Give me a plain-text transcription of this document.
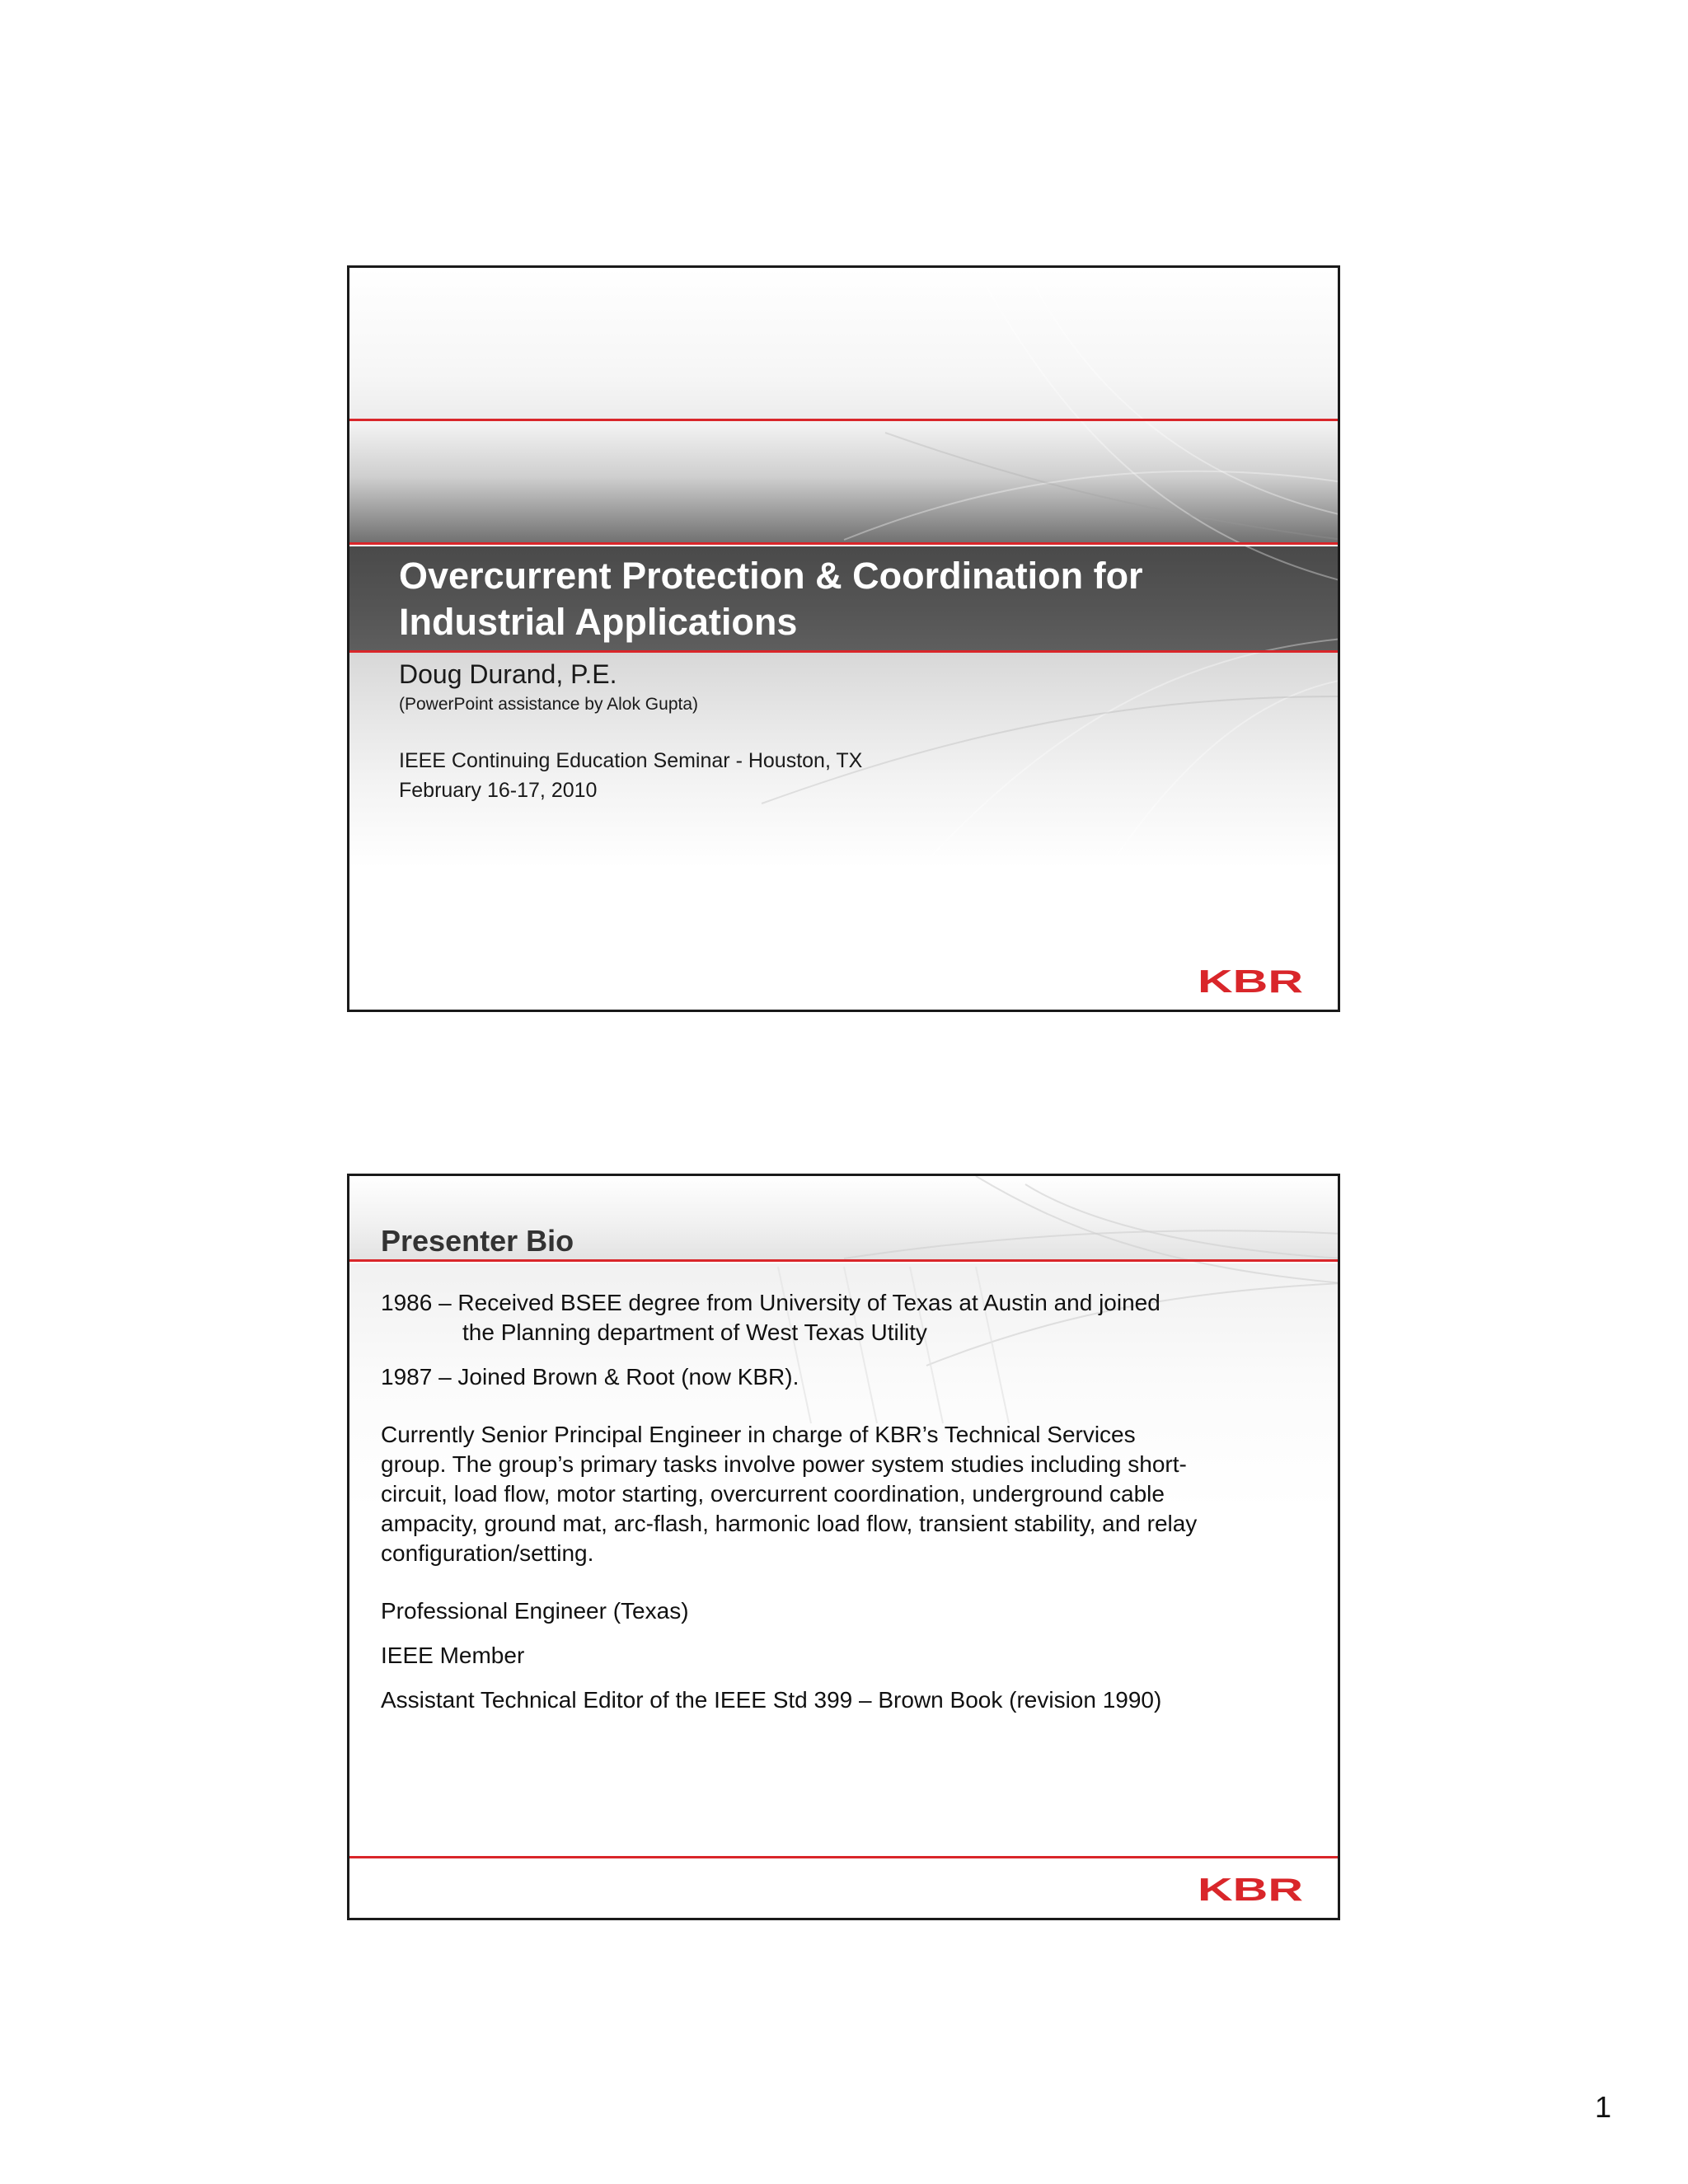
Overcurrent Protection & Coordination for
Industrial Applications
Doug Durand, P.E.
(PowerPoint assistance by Alok Gupta)
IEEE Continuing Education Seminar - Houston, TX
February 16-17, 2010
KBR
Presenter Bio

1986 – Received BSEE degree from University of Texas at Austin and joined

the Planning department of West Texas Utility

1987 – Joined Brown & Root (now KBR).

Currently Senior Principal Engineer in charge of KBR’s Technical Services

group. The group’s primary tasks involve power system studies including short-

circuit, load flow, motor starting, overcurrent coordination, underground cable

ampacity, ground mat, arc-flash, harmonic load flow, transient stability, and relay

configuration/setting.

Professional Engineer (Texas)

IEEE Member

Assistant Technical Editor of the IEEE Std 399 – Brown Book (revision 1990)

KBR
1
